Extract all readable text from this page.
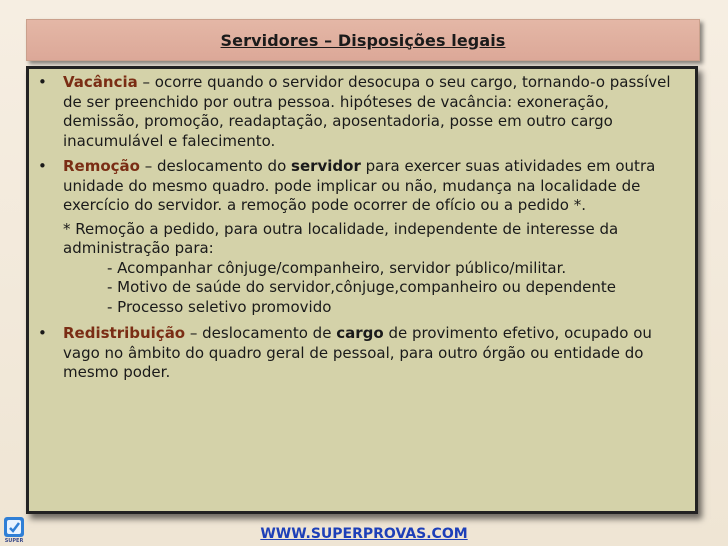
Servidores – Disposições legais
• Vacância – ocorre quando o servidor desocupa o seu cargo, tornando-o passível de ser preenchido por outra pessoa. hipóteses de vacância: exoneração, demissão, promoção, readaptação, aposentadoria, posse em outro cargo inacumulável e falecimento.
• Remoção – deslocamento do servidor para exercer suas atividades em outra unidade do mesmo quadro. pode implicar ou não, mudança na localidade de exercício do servidor. a remoção pode ocorrer de ofício ou a pedido *.
* Remoção a pedido, para outra localidade, independente de interesse da administração para:
- Acompanhar cônjuge/companheiro, servidor público/militar.
- Motivo de saúde do servidor,cônjuge,companheiro ou dependente
- Processo seletivo promovido
• Redistribuição – deslocamento de cargo de provimento efetivo, ocupado ou vago no âmbito do quadro geral de pessoal, para outro órgão ou entidade do mesmo poder.
SUPER	WWW.SUPERPROVAS.COM
